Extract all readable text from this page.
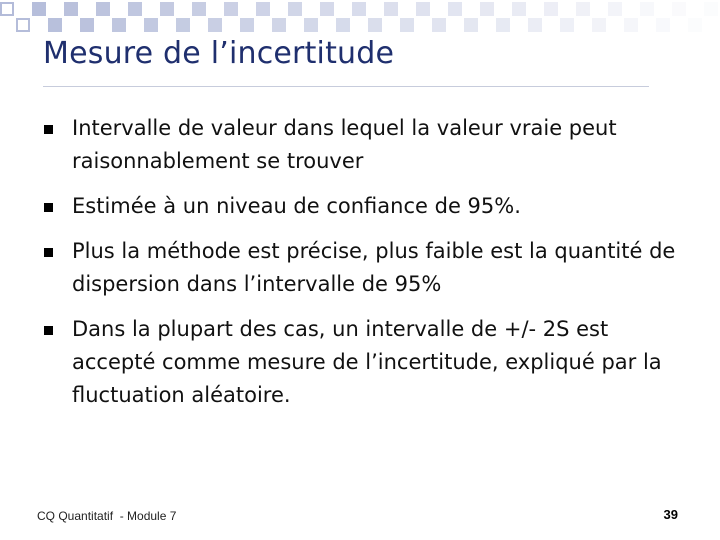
Mesure de l’incertitude
Intervalle de valeur dans lequel la valeur vraie peut raisonnablement se trouver
Estimée à un niveau de confiance de 95%.
Plus la méthode est précise, plus faible est la quantité de dispersion dans l’intervalle de 95%
Dans la plupart des cas, un intervalle de +/- 2S est accepté comme mesure de l’incertitude, expliqué par la fluctuation aléatoire.
CQ Quantitatif  - Module 7	39
